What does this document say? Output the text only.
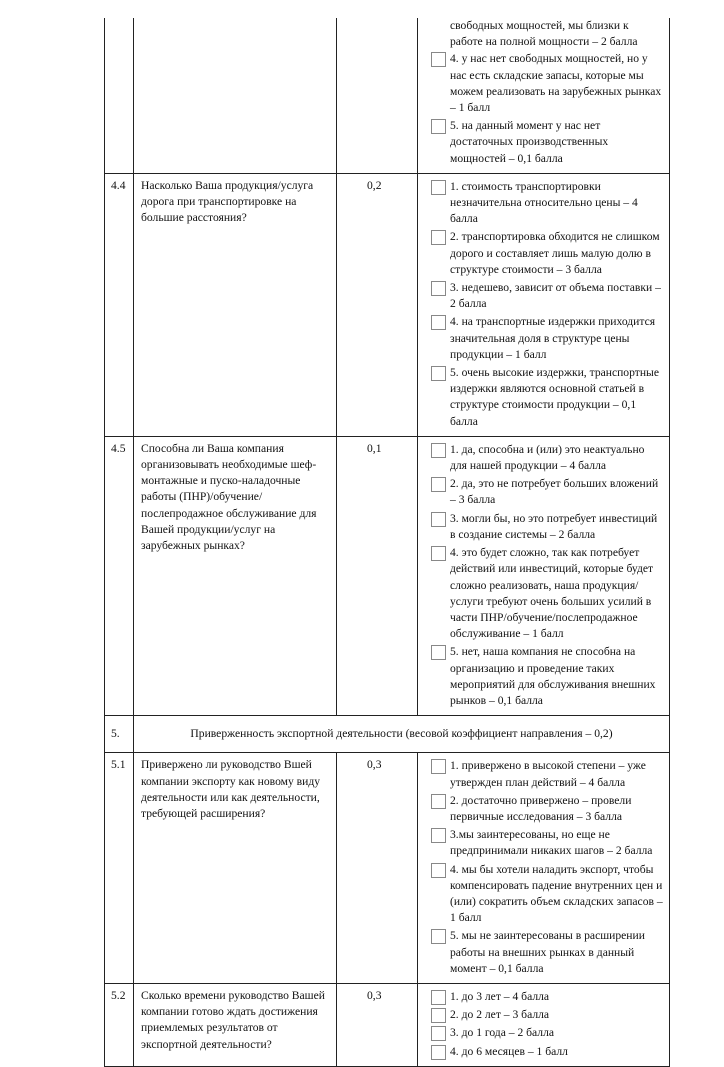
			свободных мощностей, мы близки к работе на полной мощности – 2 балла
4. у нас нет свободных мощностей, но у нас есть складские запасы, которые мы можем реализовать на зарубежных рынках – 1 балл
5. на данный момент у нас нет достаточных производственных мощностей – 0,1 балла

4.4	Насколько Ваша продукция/услуга дорога при транспортировке на большие расстояния?	0,2	1. стоимость транспортировки незначительна относительно цены – 4 балла
2. транспортировка обходится не слишком дорого и составляет лишь малую долю в структуре стоимости – 3 балла
3. недешево, зависит от объема поставки – 2 балла
4. на транспортные издержки приходится значительная доля в структуре цены продукции – 1 балл
5. очень высокие издержки, транспортные издержки являются основной статьей в структуре стоимости продукции – 0,1 балла

4.5	Способна ли Ваша компания организовывать необходимые шеф-монтажные и пуско-наладочные работы (ПНР)/обучение/послепродажное обслуживание для Вашей продукции/услуг на зарубежных рынках?	0,1	1. да, способна и (или) это неактуально для нашей продукции – 4 балла
2. да, это не потребует больших вложений – 3 балла
3. могли бы, но это потребует инвестиций в создание системы – 2 балла
4. это будет сложно, так как потребует действий или инвестиций, которые будет сложно реализовать, наша продукция/услуги требуют очень больших усилий в части ПНР/обучение/послепродажное обслуживание – 1 балл
5. нет, наша компания не способна на организацию и проведение таких мероприятий для обслуживания внешних рынков – 0,1 балла

5.	Приверженность экспортной деятельности (весовой коэффициент направления – 0,2)		
5.1	Привержено ли руководство Вшей компании экспорту как новому виду деятельности или как деятельности, требующей расширения?	0,3	1. привержено в высокой степени – уже утвержден план действий – 4 балла
2. достаточно привержено – провели первичные исследования – 3 балла
3.мы заинтересованы, но еще не предпринимали никаких шагов – 2 балла
4. мы бы хотели наладить экспорт, чтобы компенсировать падение внутренних цен и (или) сократить объем складских запасов – 1 балл
5. мы не заинтересованы в расширении работы на внешних рынках в данный момент – 0,1 балла

5.2	Сколько времени руководство Вашей компании готово ждать достижения приемлемых результатов от экспортной деятельности?	0,3	1. до 3 лет – 4 балла
2. до 2 лет – 3 балла
3. до 1 года – 2 балла
4. до 6 месяцев – 1 балл
